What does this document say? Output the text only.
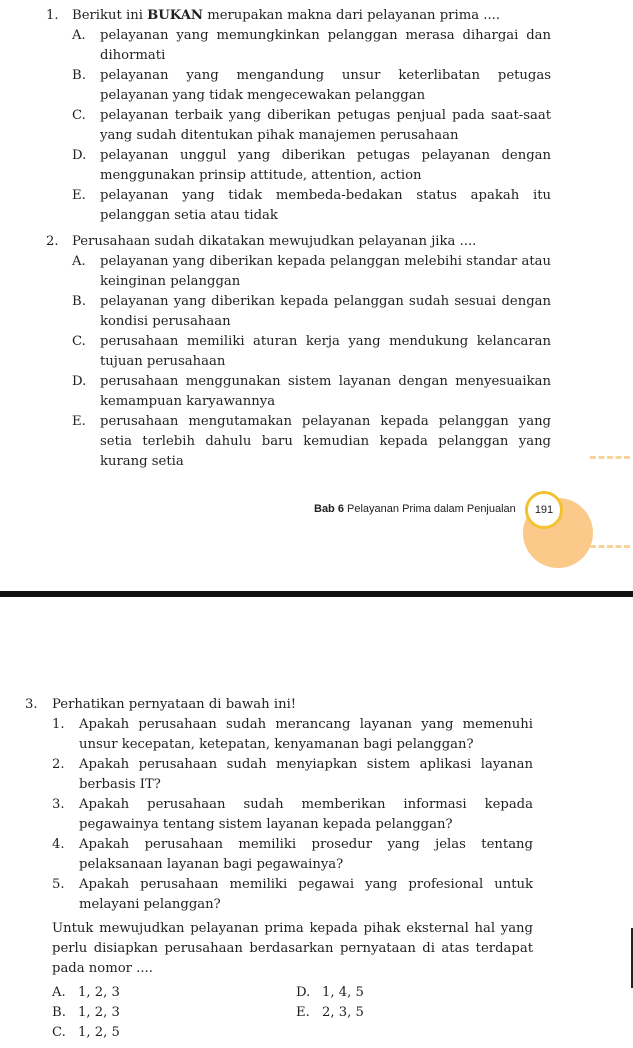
1. Berikut ini BUKAN merupakan makna dari pelayanan prima ....
A. pelayanan yang memungkinkan pelanggan merasa dihargai dan dihormati
B. pelayanan yang mengandung unsur keterlibatan petugas pelayanan yang tidak mengecewakan pelanggan
C. pelayanan terbaik yang diberikan petugas penjual pada saat-saat yang sudah ditentukan pihak manajemen perusahaan
D. pelayanan unggul yang diberikan petugas pelayanan dengan menggunakan prinsip attitude, attention, action
E. pelayanan yang tidak membeda-bedakan status apakah itu pelanggan setia atau tidak
2. Perusahaan sudah dikatakan mewujudkan pelayanan jika ....
A. pelayanan yang diberikan kepada pelanggan melebihi standar atau keinginan pelanggan
B. pelayanan yang diberikan kepada pelanggan sudah sesuai dengan kondisi perusahaan
C. perusahaan memiliki aturan kerja yang mendukung kelancaran tujuan perusahaan
D. perusahaan menggunakan sistem layanan dengan menyesuaikan kemampuan karyawannya
E. perusahaan mengutamakan pelayanan kepada pelanggan yang setia terlebih dahulu baru kemudian kepada pelanggan yang kurang setia
Bab 6 Pelayanan Prima dalam Penjualan	191
3. Perhatikan pernyataan di bawah ini!
1. Apakah perusahaan sudah merancang layanan yang memenuhi unsur kecepatan, ketepatan, kenyamanan bagi pelanggan?
2. Apakah perusahaan sudah menyiapkan sistem aplikasi layanan berbasis IT?
3. Apakah perusahaan sudah memberikan informasi kepada pegawainya tentang sistem layanan kepada pelanggan?
4. Apakah perusahaan memiliki prosedur yang jelas tentang pelaksanaan layanan bagi pegawainya?
5. Apakah perusahaan memiliki pegawai yang profesional untuk melayani pelanggan?
Untuk mewujudkan pelayanan prima kepada pihak eksternal hal yang perlu disiapkan perusahaan berdasarkan pernyataan di atas terdapat pada nomor ....
A. 1, 2, 3
B. 1, 2, 3
C. 1, 2, 5
D. 1, 4, 5
E. 2, 3, 5
